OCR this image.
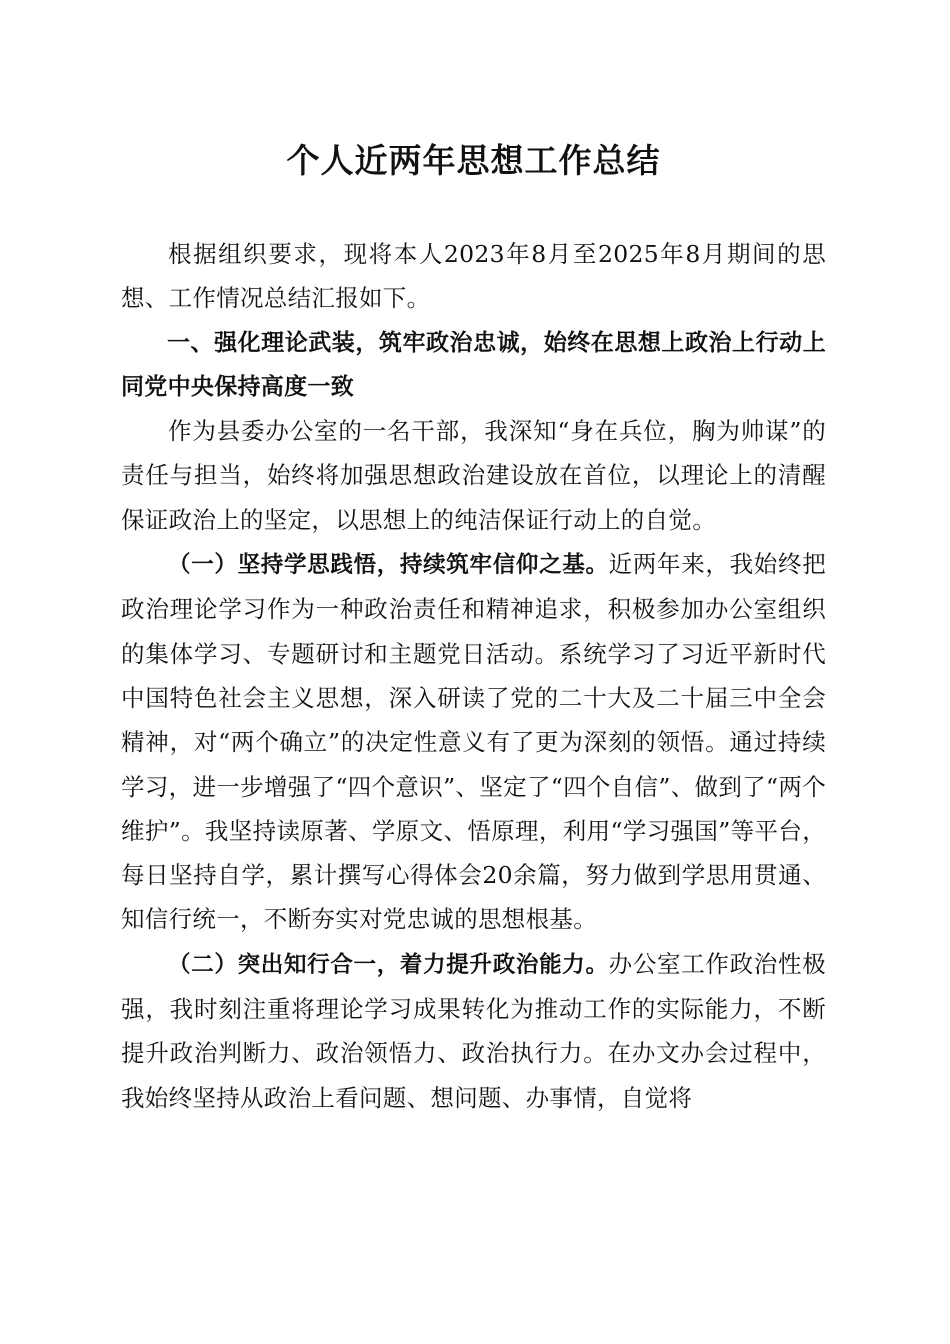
个人近两年思想工作总结

根据组织要求，现将本人2023年8月至2025年8月期间的思想、工作情况总结汇报如下。

一、强化理论武装，筑牢政治忠诚，始终在思想上政治上行动上同党中央保持高度一致

作为县委办公室的一名干部，我深知“身在兵位，胸为帅谋”的责任与担当，始终将加强思想政治建设放在首位，以理论上的清醒保证政治上的坚定，以思想上的纯洁保证行动上的自觉。

（一）坚持学思践悟，持续筑牢信仰之基。近两年来，我始终把政治理论学习作为一种政治责任和精神追求，积极参加办公室组织的集体学习、专题研讨和主题党日活动。系统学习了习近平新时代中国特色社会主义思想，深入研读了党的二十大及二十届三中全会精神，对“两个确立”的决定性意义有了更为深刻的领悟。通过持续学习，进一步增强了“四个意识”、坚定了“四个自信”、做到了“两个维护”。我坚持读原著、学原文、悟原理，利用“学习强国”等平台，每日坚持自学，累计撰写心得体会20余篇，努力做到学思用贯通、知信行统一，不断夯实对党忠诚的思想根基。

（二）突出知行合一，着力提升政治能力。办公室工作政治性极强，我时刻注重将理论学习成果转化为推动工作的实际能力，不断提升政治判断力、政治领悟力、政治执行力。在办文办会过程中，我始终坚持从政治上看问题、想问题、办事情，自觉将
